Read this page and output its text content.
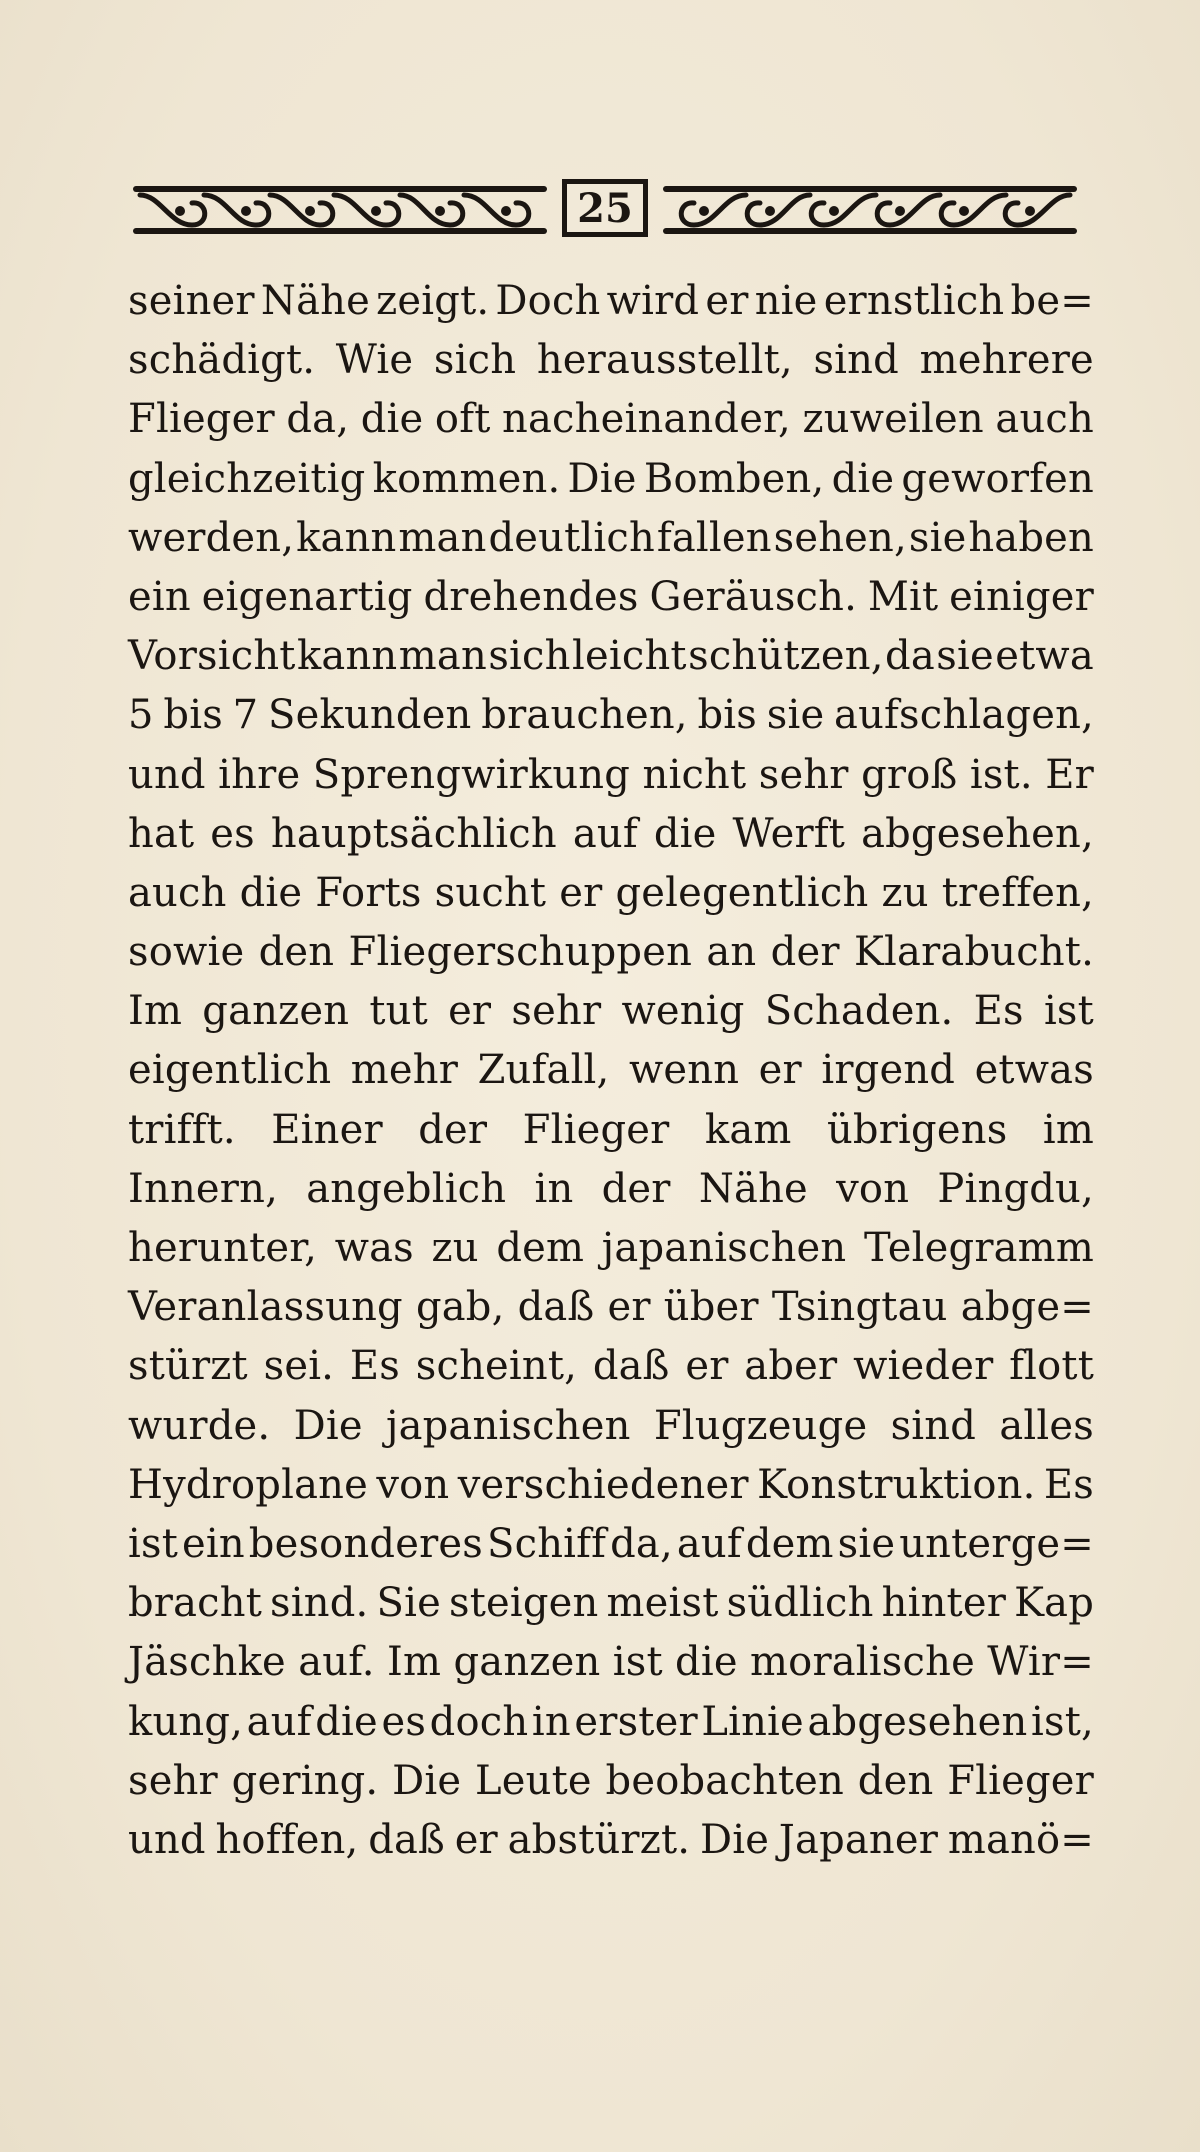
25
seiner Nähe zeigt. Doch wird er nie ernstlich be=
schädigt. Wie sich herausstellt, sind mehrere
Flieger da, die oft nacheinander, zuweilen auch
gleichzeitig kommen. Die Bomben, die geworfen
werden, kann man deutlich fallen sehen, sie haben
ein eigenartig drehendes Geräusch. Mit einiger
Vorsicht kann man sich leicht schützen, da sie etwa
5 bis 7 Sekunden brauchen, bis sie aufschlagen,
und ihre Sprengwirkung nicht sehr groß ist. Er
hat es hauptsächlich auf die Werft abgesehen,
auch die Forts sucht er gelegentlich zu treffen,
sowie den Fliegerschuppen an der Klarabucht.
Im ganzen tut er sehr wenig Schaden. Es ist
eigentlich mehr Zufall, wenn er irgend etwas
trifft. Einer der Flieger kam übrigens im
Innern, angeblich in der Nähe von Pingdu,
herunter, was zu dem japanischen Telegramm
Veranlassung gab, daß er über Tsingtau abge=
stürzt sei. Es scheint, daß er aber wieder flott
wurde. Die japanischen Flugzeuge sind alles
Hydroplane von verschiedener Konstruktion. Es
ist ein besonderes Schiff da, auf dem sie unterge=
bracht sind. Sie steigen meist südlich hinter Kap
Jäschke auf. Im ganzen ist die moralische Wir=
kung, auf die es doch in erster Linie abgesehen ist,
sehr gering. Die Leute beobachten den Flieger
und hoffen, daß er abstürzt. Die Japaner manö=
